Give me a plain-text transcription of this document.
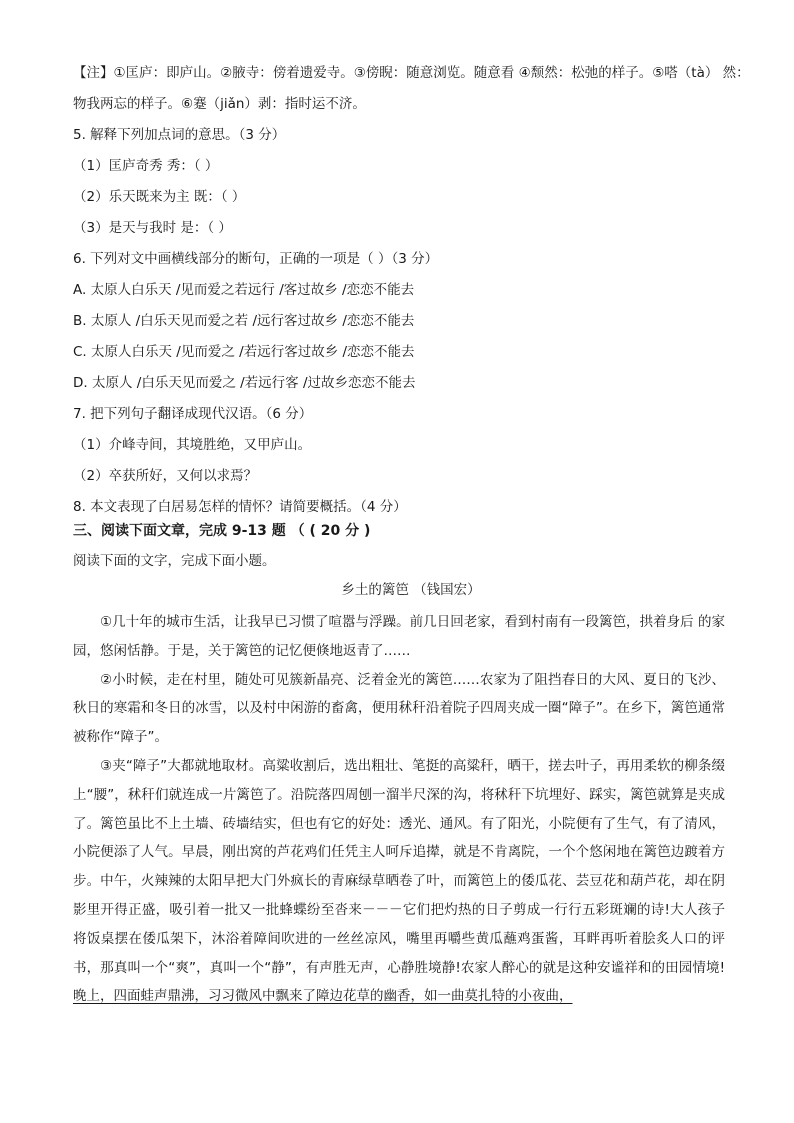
【注】①匡庐：即庐山。②腋寺：傍着遗爱寺。③傍睨：随意浏览。随意看 ④颓然：松弛的样子。⑤嗒（tà） 然：
物我两忘的样子。⑥蹇（jiǎn）剥：指时运不济。
5. 解释下列加点词的意思。（3 分）
（1）匡庐奇秀 秀：（ ）
（2）乐天既来为主 既：（ ）
（3）是天与我时 是：（ ）
6. 下列对文中画横线部分的断句，正确的一项是（ ）（3 分）
A. 太原人白乐天 /见而爱之若远行 /客过故乡 /恋恋不能去
B. 太原人 /白乐天见而爱之若 /远行客过故乡 /恋恋不能去
C. 太原人白乐天 /见而爱之 /若远行客过故乡 /恋恋不能去
D. 太原人 /白乐天见而爱之 /若远行客 /过故乡恋恋不能去
7. 把下列句子翻译成现代汉语。（6 分）
（1）介峰寺间，其境胜绝，又甲庐山。
（2）卒获所好，又何以求焉？
8. 本文表现了白居易怎样的情怀？请简要概括。（4 分）
三、阅读下面文章，完成 9-13 题 （ ( 20 分 )
阅读下面的文字，完成下面小题。
乡土的篱笆 （钱国宏）

①几十年的城市生活，让我早已习惯了喧嚣与浮躁。前几日回老家，看到村南有一段篱笆，拱着身后 的家园，悠闲恬静。于是，关于篱笆的记忆便倏地返青了……

②小时候，走在村里，随处可见簇新晶亮、泛着金光的篱笆……农家为了阻挡春日的大风、夏日的飞沙、秋日的寒霜和冬日的冰雪，以及村中闲游的畜禽，便用秫秆沿着院子四周夹成一圈“障子”。在乡下，篱笆通常被称作“障子”。

③夹“障子”大都就地取材。高粱收割后，选出粗壮、笔挺的高粱秆，晒干，搓去叶子，再用柔软的柳条缀上“腰”，秫秆们就连成一片篱笆了。沿院落四周刨一溜半尺深的沟，将秫秆下坑埋好、踩实，篱笆就算是夹成了。篱笆虽比不上土墙、砖墙结实，但也有它的好处：透光、通风。有了阳光，小院便有了生气，有了清风，小院便添了人气。早晨，刚出窝的芦花鸡们任凭主人呵斥追撵，就是不肯离院，一个个悠闲地在篱笆边踱着方步。中午，火辣辣的太阳早把大门外疯长的青麻绿草晒卷了叶，而篱笆上的倭瓜花、芸豆花和葫芦花，却在阴影里开得正盛，吸引着一批又一批蜂蝶纷至沓来－－－它们把灼热的日子剪成一行行五彩斑斓的诗!大人孩子将饭桌摆在倭瓜架下，沐浴着障间吹进的一丝丝凉风，嘴里再嚼些黄瓜蘸鸡蛋酱，耳畔再听着脍炙人口的评书，那真叫一个“爽”，真叫一个“静”，有声胜无声，心静胜境静!农家人醉心的就是这种安谧祥和的田园情境!晚上，四面蛙声鼎沸，习习微风中飘来了障边花草的幽香，如一曲莫扎特的小夜曲，
